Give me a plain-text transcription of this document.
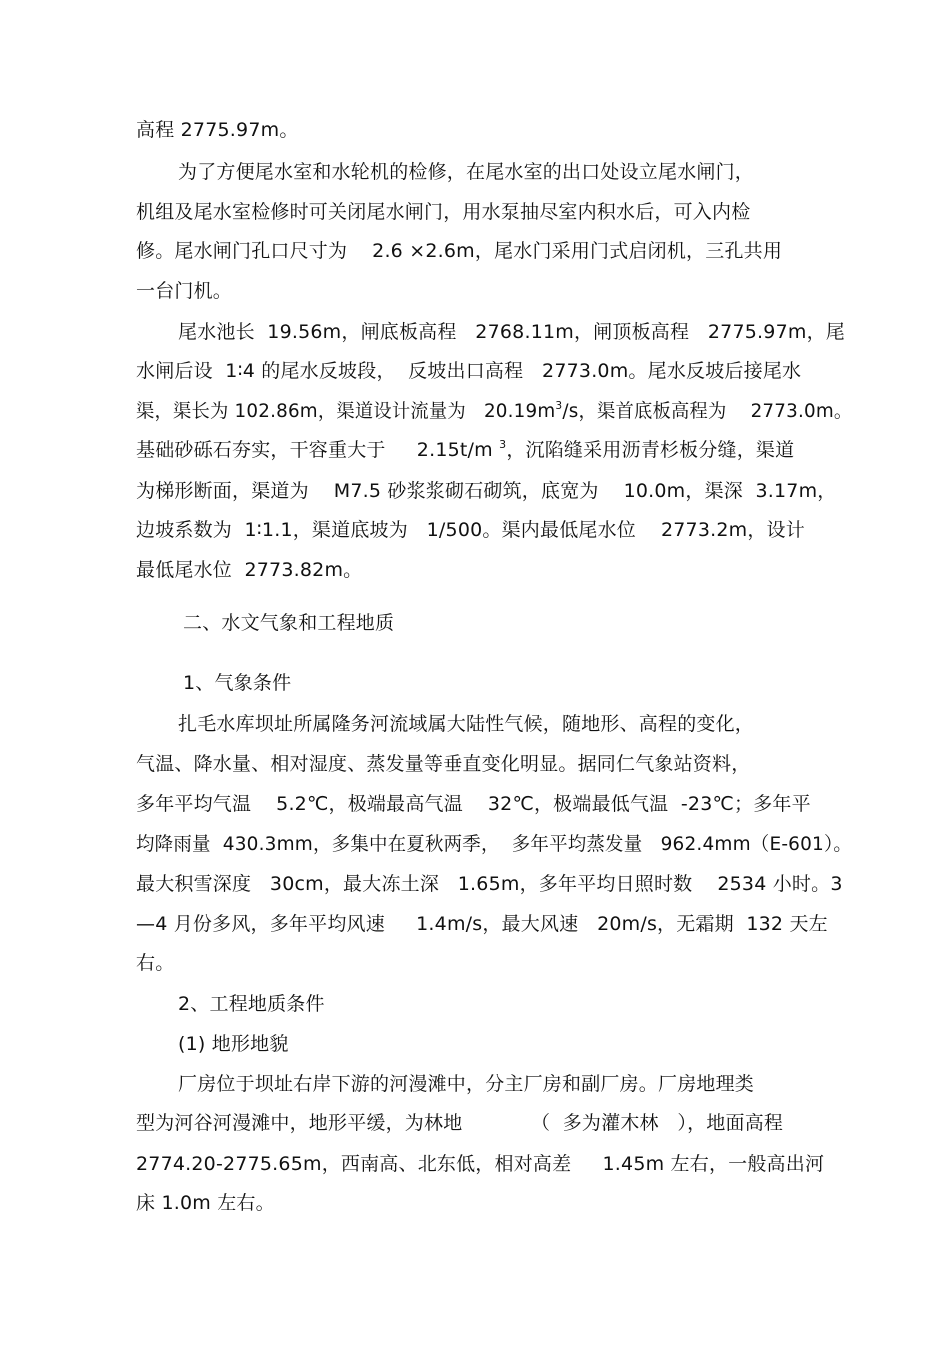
高程 2775.97m。
为了方便尾水室和水轮机的检修，在尾水室的出口处设立尾水闸门，
机组及尾水室检修时可关闭尾水闸门，用水泵抽尽室内积水后，可入内检
修。尾水闸门孔口尺寸为    2.6 ×2.6m，尾水门采用门式启闭机，三孔共用
一台门机。
尾水池长  19.56m，闸底板高程   2768.11m，闸顶板高程   2775.97m，尾
水闸后设  1∶4 的尾水反坡段，  反坡出口高程   2773.0m。尾水反坡后接尾水
渠，渠长为 102.86m，渠道设计流量为   $20.19m^3/s$，渠首底板高程为    2773.0m。
基础砂砾石夯实，干容重大于     2.15t/m $^3$，沉陷缝采用沥青杉板分缝，渠道
为梯形断面，渠道为    M7.5 砂浆浆砌石砌筑，底宽为    10.0m，渠深  3.17m，
边坡系数为  1∶1.1，渠道底坡为   1/500。渠内最低尾水位    2773.2m，设计
最低尾水位  2773.82m。
二、水文气象和工程地质
1、气象条件
扎毛水库坝址所属隆务河流域属大陆性气候，随地形、高程的变化，
气温、降水量、相对湿度、蒸发量等垂直变化明显。据同仁气象站资料，
多年平均气温    5.2℃，极端最高气温    32℃，极端最低气温  -23℃；多年平
均降雨量  430.3mm，多集中在夏秋两季，  多年平均蒸发量   962.4mm（E-601）。
最大积雪深度   30cm，最大冻土深   1.65m，多年平均日照时数    2534 小时。3
—4 月份多风，多年平均风速     1.4m/s，最大风速   20m/s，无霜期  132 天左
右。
2、工程地质条件
(1) 地形地貌
厂房位于坝址右岸下游的河漫滩中，分主厂房和副厂房。厂房地理类
型为河谷河漫滩中，地形平缓，为林地           （  多为灌木林   ），地面高程
2774.20-2775.65m，西南高、北东低，相对高差     1.45m 左右，一般高出河
床 1.0m 左右。
